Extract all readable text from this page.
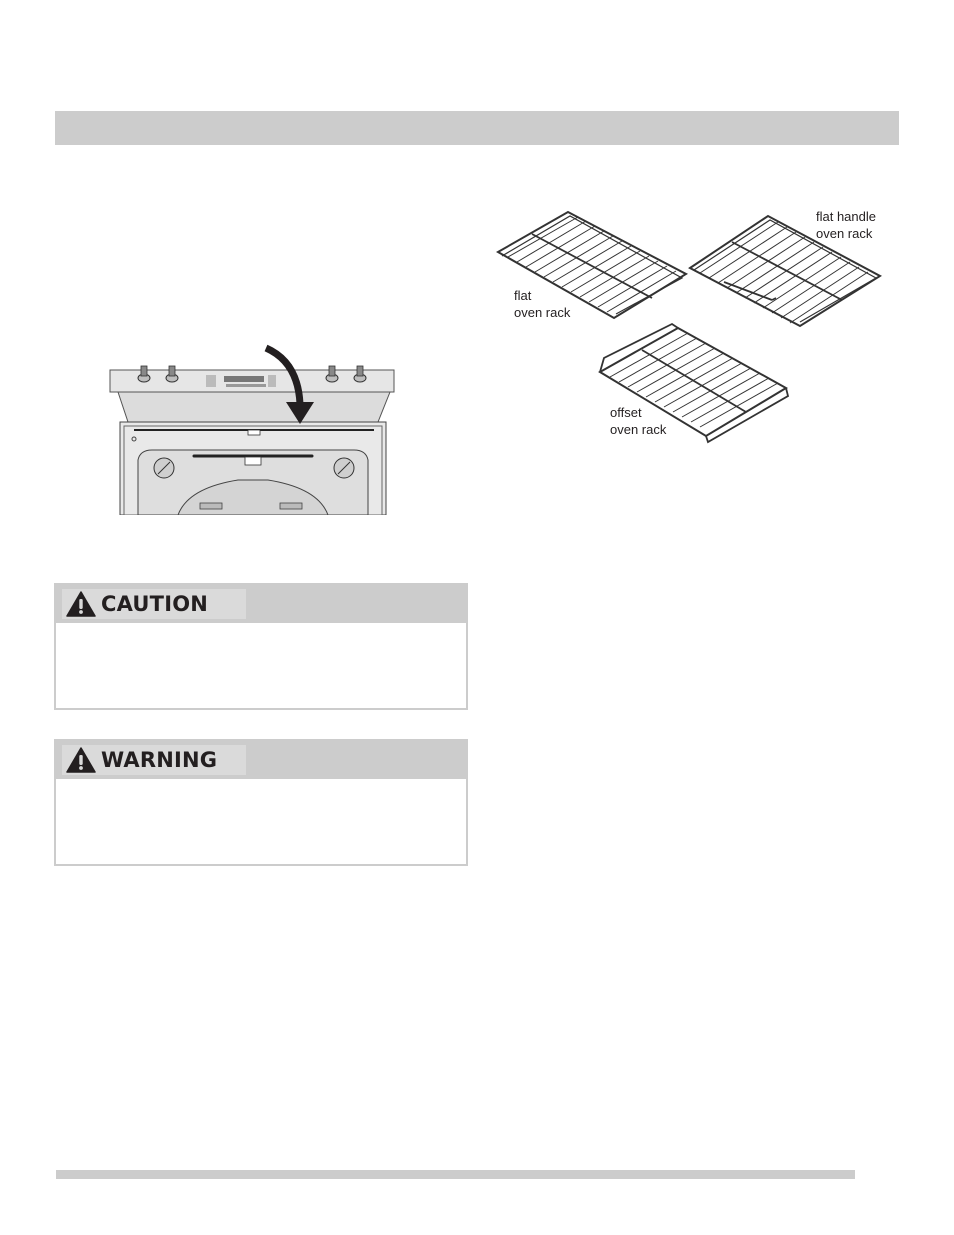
flat
oven rack
flat handle
oven rack
offset
oven rack
CAUTION
WARNING
